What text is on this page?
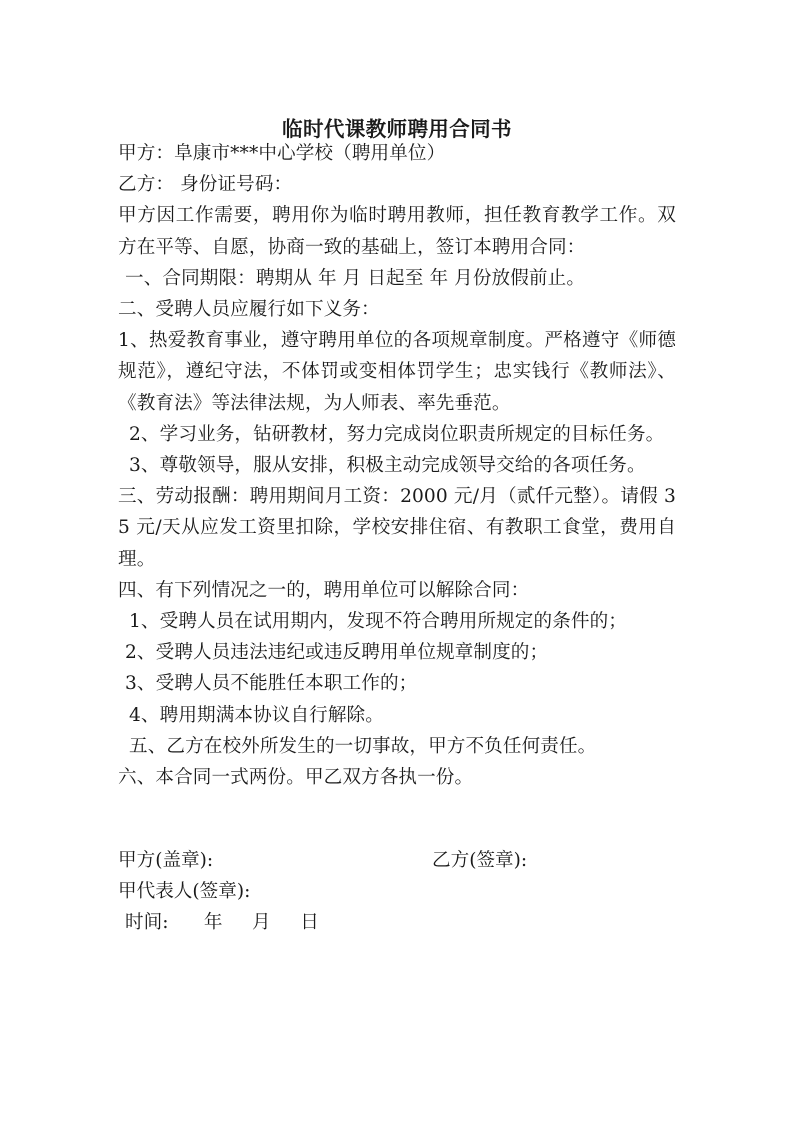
临时代课教师聘用合同书

甲方：阜康市***中心学校（聘用单位）

乙方： 身份证号码：

甲方因工作需要，聘用你为临时聘用教师，担任教育教学工作。双方在平等、自愿，协商一致的基础上，签订本聘用合同：

一、合同期限：聘期从 年 月 日起至 年 月份放假前止。

二、受聘人员应履行如下义务：

1、热爱教育事业，遵守聘用单位的各项规章制度。严格遵守《师德规范》，遵纪守法，不体罚或变相体罚学生；忠实钱行《教师法》、《教育法》等法律法规，为人师表、率先垂范。

2、学习业务，钻研教材，努力完成岗位职责所规定的目标任务。

3、尊敬领导，服从安排，积极主动完成领导交给的各项任务。

三、劳动报酬：聘用期间月工资：2000 元/月（贰仟元整）。请假 35 元/天从应发工资里扣除，学校安排住宿、有教职工食堂，费用自理。

四、有下列情况之一的，聘用单位可以解除合同：

1、受聘人员在试用期内，发现不符合聘用所规定的条件的；

2、受聘人员违法违纪或违反聘用单位规章制度的；

3、受聘人员不能胜任本职工作的；

4、聘用期满本协议自行解除。

五、乙方在校外所发生的一切事故，甲方不负任何责任。

六、本合同一式两份。甲乙双方各执一份。

甲方(盖章):

	乙方(签章):

甲代表人(签章):

时间:      年     月     日
